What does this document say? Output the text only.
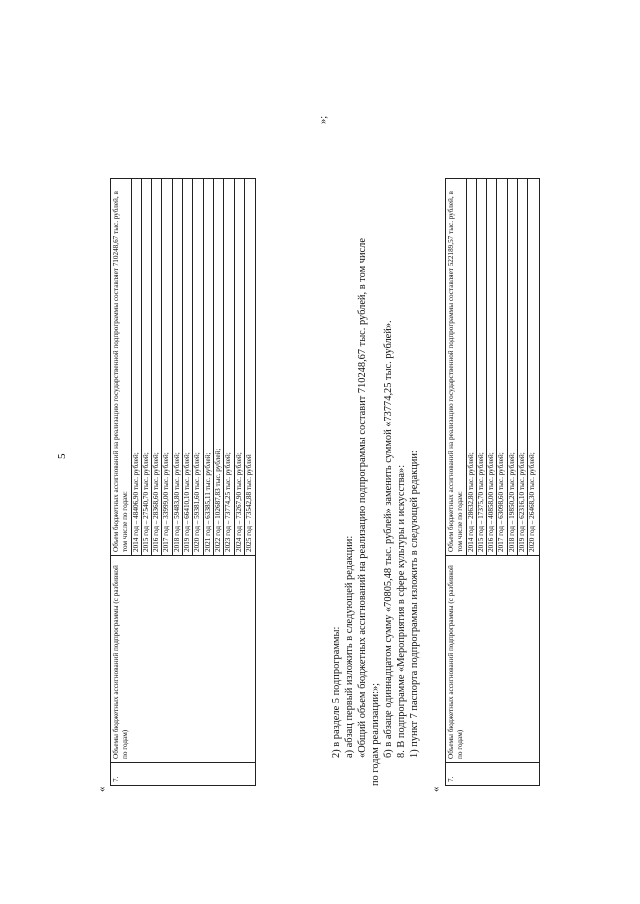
5
«
7.	Объемы бюджетных ассигнований подпрограммы (с разбивкой по годам)	
Объем бюджетных ассигнований на реализацию государственной подпрограммы составляет 710248,67 тыс. рублей, в том числе по годам: 2014 год – 48406,90 тыс. рублей; 2015 год – 27540,70 тыс. рублей; 2016 год – 28368,60 тыс. рублей; 2017 год – 33999,00 тыс. рублей; 2018 год – 59483,80 тыс. рублей; 2019 год – 66410,10 тыс. рублей; 2020 год – 59381,60 тыс. рублей; 2021 год – 63385,11 тыс. рублей; 2022 год – 102687,83 тыс. рублей; 2023 год – 73774,25 тыс. рублей; 2024 год – 73267,90 тыс. рублей; 2025 год – 73542,88 тыс. рублей
»;
2) в разделе 5 подпрограммы: а) абзац первый изложить в следующей редакции: «Общий объем бюджетных ассигнований на реализацию подпрограммы составит 710248,67 тыс. рублей, в том числе по годам реализации:»; б) в абзаце одиннадцатом сумму «70805,48 тыс. рублей» заменить суммой «73774,25 тыс. рублей». 8. В подпрограмме «Мероприятия в сфере культуры и искусства»: 1) пункт 7 паспорта подпрограммы изложить в следующей редакции:
«
7.	Объемы бюджетных ассигнований подпрограммы (с разбивкой по годам)	
Объем бюджетных ассигнований на реализацию государственной подпрограммы составляет 522189,57 тыс. рублей, в том числе по годам: 2014 год – 28632,80 тыс. рублей; 2015 год – 17375,70 тыс. рублей; 2016 год – 40858,00 тыс. рублей; 2017 год – 63098,60 тыс. рублей; 2018 год – 19850,20 тыс. рублей; 2019 год – 62316,10 тыс. рублей; 2020 год – 26468,30 тыс. рублей;
